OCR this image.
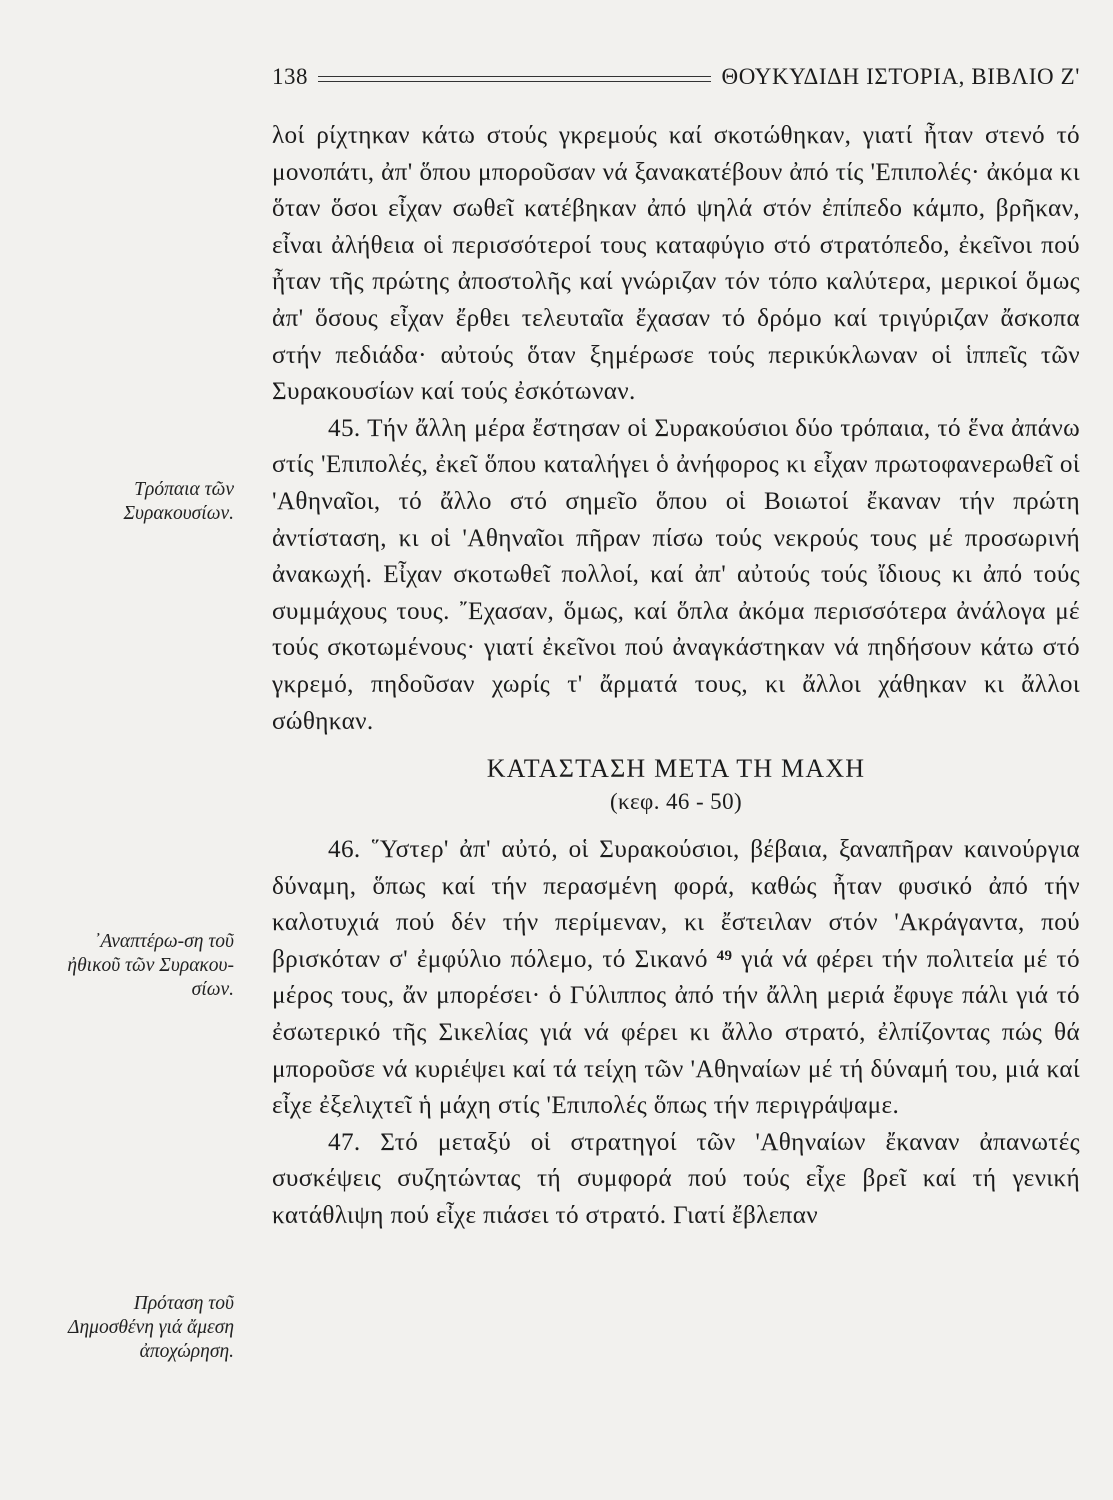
138	ΘΟΥΚΥΔΙΔΗ ΙΣΤΟΡΙΑ, ΒΙΒΛΙΟ Ζ'
Τρόπαια τῶν Συρακουσίων.
᾿Αναπτέρω-ση τοῦ ἠθικοῦ τῶν Συρακου-σίων.
Πρόταση τοῦ Δημοσθένη γιά ἄμεση ἀποχώρηση.

λοί ρίχτηκαν κάτω στούς γκρεμούς καί σκοτώθηκαν, γιατί ἦταν στενό τό μονοπάτι, ἀπ' ὅπου μποροῦσαν νά ξανακατέβουν ἀπό τίς 'Επιπολές· ἀκόμα κι ὅταν ὅσοι εἶχαν σωθεῖ κατέβηκαν ἀπό ψηλά στόν ἐπίπεδο κάμπο, βρῆκαν, εἶναι ἀλήθεια οἱ περισσότεροί τους καταφύγιο στό στρατόπεδο, ἐκεῖνοι πού ἦταν τῆς πρώτης ἀποστολῆς καί γνώριζαν τόν τόπο καλύτερα, μερικοί ὅμως ἀπ' ὅσους εἶχαν ἔρθει τελευταῖα ἔχασαν τό δρόμο καί τριγύριζαν ἄσκοπα στήν πεδιάδα· αὐτούς ὅταν ξημέρωσε τούς περικύκλωναν οἱ ἱππεῖς τῶν Συρακουσίων καί τούς ἐσκότωναν.

45. Τήν ἄλλη μέρα ἔστησαν οἱ Συρακούσιοι δύο τρόπαια, τό ἕνα ἀπάνω στίς 'Επιπολές, ἐκεῖ ὅπου καταλήγει ὁ ἀνήφορος κι εἶχαν πρωτοφανερωθεῖ οἱ 'Αθηναῖοι, τό ἄλλο στό σημεῖο ὅπου οἱ Βοιωτοί ἔκαναν τήν πρώτη ἀντίσταση, κι οἱ 'Αθηναῖοι πῆραν πίσω τούς νεκρούς τους μέ προσωρινή ἀνακωχή. Εἶχαν σκοτωθεῖ πολλοί, καί ἀπ' αὐτούς τούς ἴδιους κι ἀπό τούς συμμάχους τους. ῎Εχασαν, ὅμως, καί ὅπλα ἀκόμα περισσότερα ἀνάλογα μέ τούς σκοτωμένους· γιατί ἐκεῖνοι πού ἀναγκάστηκαν νά πηδήσουν κάτω στό γκρεμό, πηδοῦσαν χωρίς τ' ἄρματά τους, κι ἄλλοι χάθηκαν κι ἄλλοι σώθηκαν.

ΚΑΤΑΣΤΑΣΗ ΜΕΤΑ ΤΗ ΜΑΧΗ
(κεφ. 46 - 50)

46. ῞Υστερ' ἀπ' αὐτό, οἱ Συρακούσιοι, βέβαια, ξαναπῆραν καινούργια δύναμη, ὅπως καί τήν περασμένη φορά, καθώς ἦταν φυσικό ἀπό τήν καλοτυχιά πού δέν τήν περίμεναν, κι ἔστειλαν στόν 'Ακράγαντα, πού βρισκόταν σ' ἐμφύλιο πόλεμο, τό Σικανό $^{49}$ γιά νά φέρει τήν πολιτεία μέ τό μέρος τους, ἄν μπορέσει· ὁ Γύλιππος ἀπό τήν ἄλλη μεριά ἔφυγε πάλι γιά τό ἐσωτερικό τῆς Σικελίας γιά νά φέρει κι ἄλλο στρατό, ἐλπίζοντας πώς θά μποροῦσε νά κυριέψει καί τά τείχη τῶν 'Αθηναίων μέ τή δύναμή του, μιά καί εἶχε ἐξελιχτεῖ ἡ μάχη στίς 'Επιπολές ὅπως τήν περιγράψαμε.

47. Στό μεταξύ οἱ στρατηγοί τῶν 'Αθηναίων ἔκαναν ἀπανωτές συσκέψεις συζητώντας τή συμφορά πού τούς εἶχε βρεῖ καί τή γενική κατάθλιψη πού εἶχε πιάσει τό στρατό. Γιατί ἔβλεπαν
